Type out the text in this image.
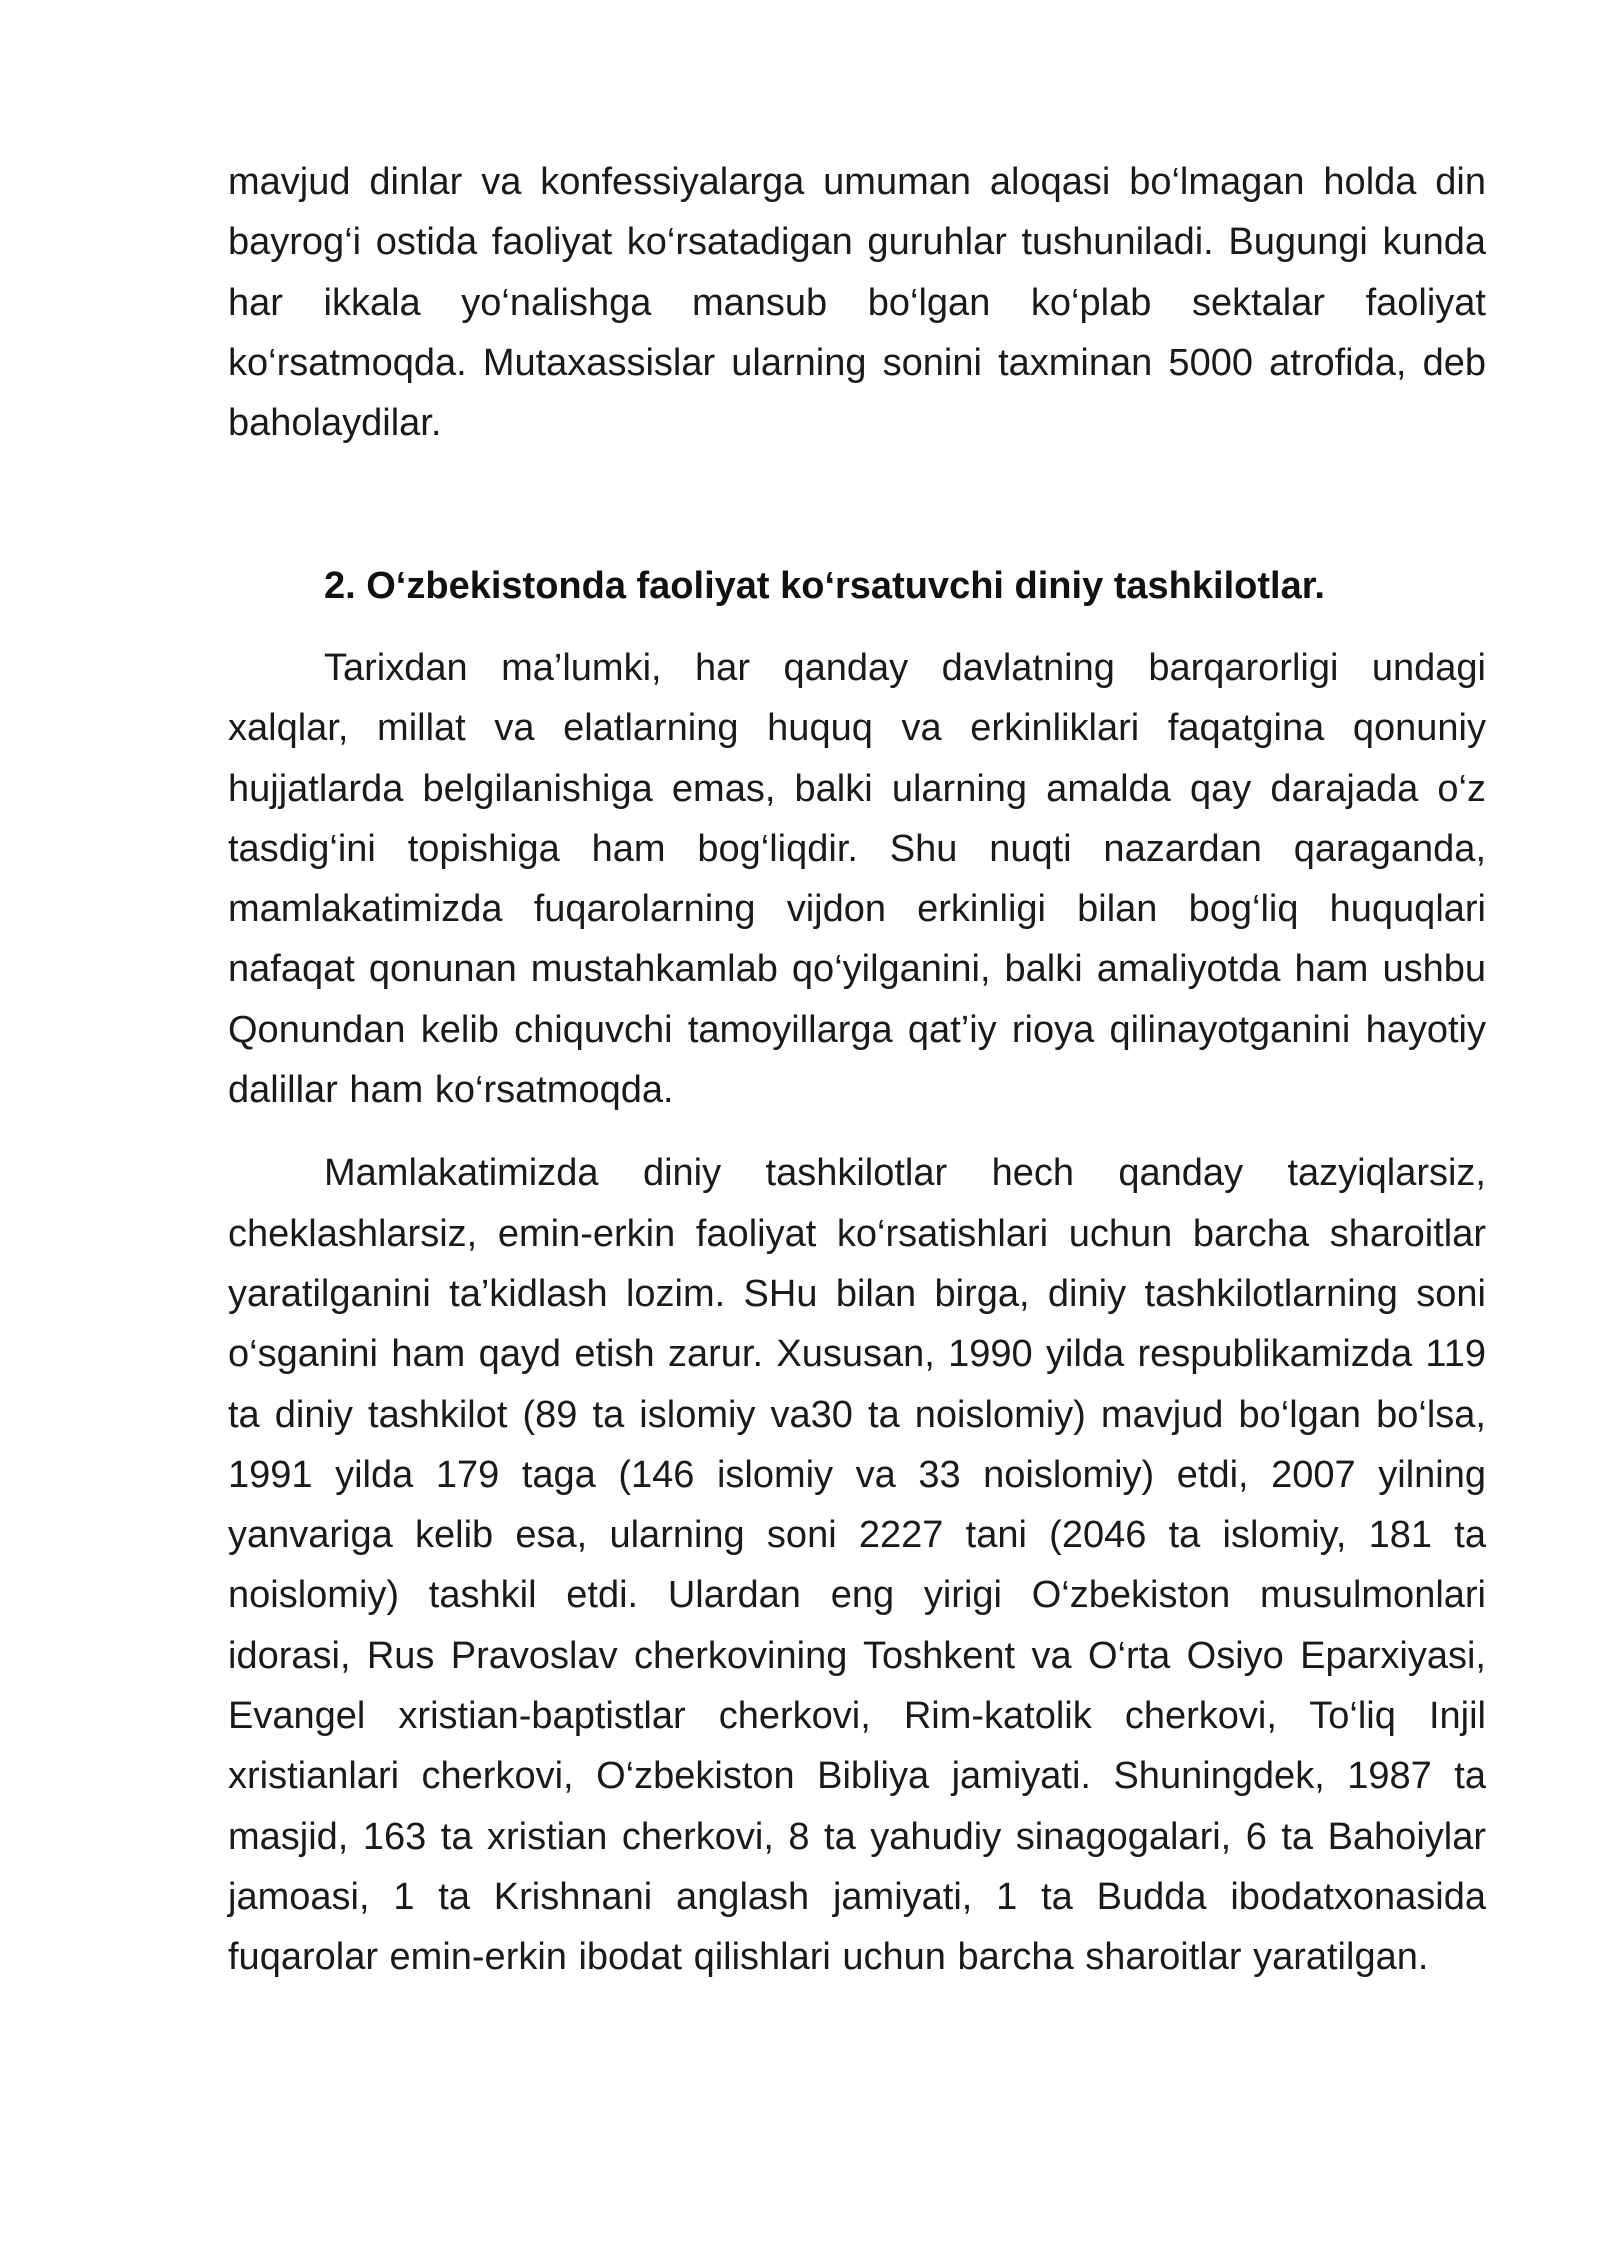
mavjud dinlar va konfessiyalarga umuman aloqasi bo‘lmagan holda din bayrog‘i ostida faoliyat ko‘rsatadigan guruhlar tushuniladi. Bugungi kunda har ikkala yo‘nalishga mansub bo‘lgan ko‘plab sektalar faoliyat ko‘rsatmoqda. Mutaxassislar ularning sonini taxminan 5000 atrofida, deb baholaydilar.

2. O‘zbekistonda faoliyat ko‘rsatuvchi diniy tashkilotlar.

Tarixdan ma’lumki, har qanday davlatning barqarorligi undagi xalqlar, millat va elatlarning huquq va erkinliklari faqatgina qonuniy hujjatlarda belgilanishiga emas, balki ularning amalda qay darajada o‘z tasdig‘ini topishiga ham bog‘liqdir. Shu nuqti nazardan qaraganda, mamlakatimizda fuqarolarning vijdon erkinligi bilan bog‘liq huquqlari nafaqat qonunan mustahkamlab qo‘yilganini, balki amaliyotda ham ushbu Qonundan kelib chiquvchi tamoyillarga qat’iy rioya qilinayotganini hayotiy dalillar ham ko‘rsatmoqda.

Mamlakatimizda diniy tashkilotlar hech qanday tazyiqlarsiz, cheklashlarsiz, emin-erkin faoliyat ko‘rsatishlari uchun barcha sharoitlar yaratilganini ta’kidlash lozim. SHu bilan birga, diniy tashkilotlarning soni o‘sganini ham qayd etish zarur. Xususan, 1990 yilda respublikamizda 119 ta diniy tashkilot (89 ta islomiy va30 ta noislomiy) mavjud bo‘lgan bo‘lsa, 1991 yilda 179 taga (146 islomiy va 33 noislomiy) etdi, 2007 yilning yanvariga kelib esa, ularning soni 2227 tani (2046 ta islomiy, 181 ta noislomiy) tashkil etdi. Ulardan eng yirigi O‘zbekiston musulmonlari idorasi, Rus Pravoslav cherkovining Toshkent va O‘rta Osiyo Eparxiyasi, Evangel xristian-baptistlar cherkovi, Rim-katolik cherkovi, To‘liq Injil xristianlari cherkovi, O‘zbekiston Bibliya jamiyati. Shuningdek, 1987 ta masjid, 163 ta xristian cherkovi, 8 ta yahudiy sinagogalari, 6 ta Bahoiylar jamoasi, 1 ta Krishnani anglash jamiyati, 1 ta Budda ibodatxonasida fuqarolar emin-erkin ibodat qilishlari uchun barcha sharoitlar yaratilgan.
